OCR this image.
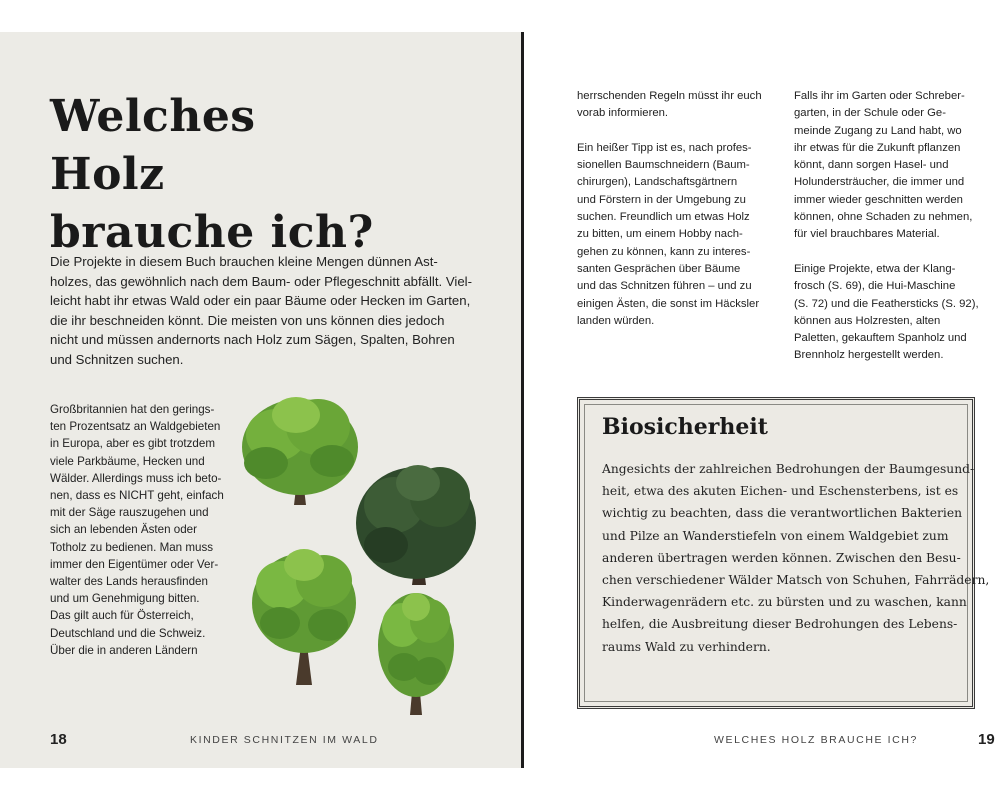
Welches Holz
brauche ich?

Die Projekte in diesem Buch brauchen kleine Mengen dünnen Ast-
holzes, das gewöhnlich nach dem Baum- oder Pflegeschnitt abfällt. Viel-
leicht habt ihr etwas Wald oder ein paar Bäume oder Hecken im Garten,
die ihr beschneiden könnt. Die meisten von uns können dies jedoch
nicht und müssen andernorts nach Holz zum Sägen, Spalten, Bohren
und Schnitzen suchen.

Großbritannien hat den gerings-
ten Prozentsatz an Waldgebieten
in Europa, aber es gibt trotzdem
viele Parkbäume, Hecken und
Wälder. Allerdings muss ich beto-
nen, dass es NICHT geht, einfach
mit der Säge rauszugehen und
sich an lebenden Ästen oder
Totholz zu bedienen. Man muss
immer den Eigentümer oder Ver-
walter des Lands herausfinden
und um Genehmigung bitten.
Das gilt auch für Österreich,
Deutschland und die Schweiz.
Über die in anderen Ländern

18	KINDER SCHNITZEN IM WALD

herrschenden Regeln müsst ihr euch
vorab informieren.

Ein heißer Tipp ist es, nach profes-
sionellen Baumschneidern (Baum-
chirurgen), Landschaftsgärtnern
und Förstern in der Umgebung zu
suchen. Freundlich um etwas Holz
zu bitten, um einem Hobby nach-
gehen zu können, kann zu interes-
santen Gesprächen über Bäume
und das Schnitzen führen – und zu
einigen Ästen, die sonst im Häcksler
landen würden.

Falls ihr im Garten oder Schreber-
garten, in der Schule oder Ge-
meinde Zugang zu Land habt, wo
ihr etwas für die Zukunft pflanzen
könnt, dann sorgen Hasel- und
Holundersträucher, die immer und
immer wieder geschnitten werden
können, ohne Schaden zu nehmen,
für viel brauchbares Material.

Einige Projekte, etwa der Klang-
frosch (S. 69), die Hui-Maschine
(S. 72) und die Feathersticks (S. 92),
können aus Holzresten, alten
Paletten, gekauftem Spanholz und
Brennholz hergestellt werden.

Biosicherheit

Angesichts der zahlreichen Bedrohungen der Baumgesund-
heit, etwa des akuten Eichen- und Eschensterbens, ist es
wichtig zu beachten, dass die verantwortlichen Bakterien
und Pilze an Wanderstiefeln von einem Waldgebiet zum
anderen übertragen werden können. Zwischen den Besu-
chen verschiedener Wälder Matsch von Schuhen, Fahrrädern,
Kinderwagenrädern etc. zu bürsten und zu waschen, kann
helfen, die Ausbreitung dieser Bedrohungen des Lebens-
raums Wald zu verhindern.

WELCHES HOLZ BRAUCHE ICH?	19
